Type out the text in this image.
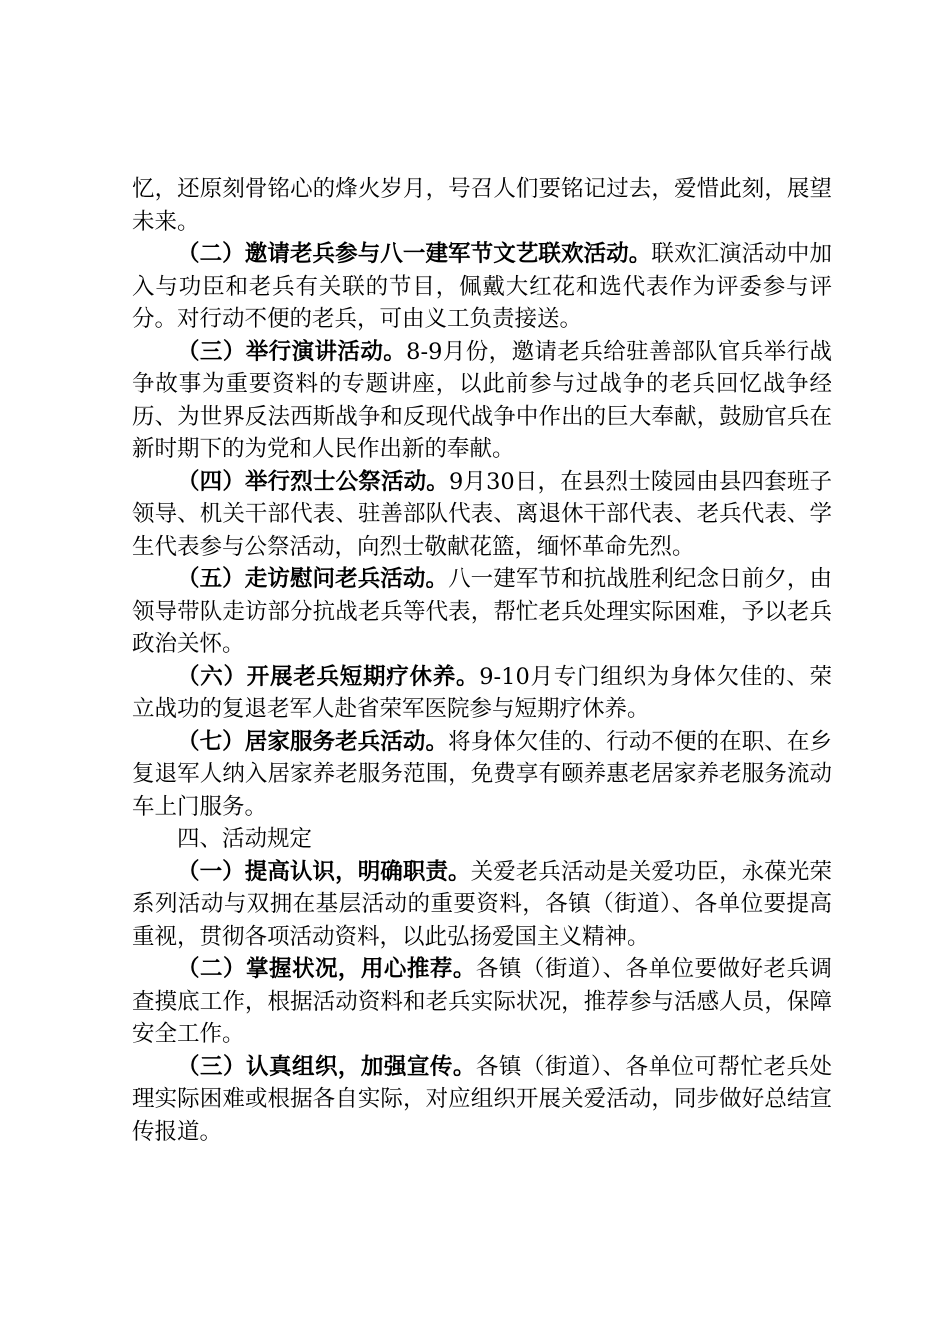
忆，还原刻骨铭心的烽火岁月，号召人们要铭记过去，爱惜此刻，展望未来。

（二）邀请老兵参与八一建军节文艺联欢活动。联欢汇演活动中加入与功臣和老兵有关联的节目，佩戴大红花和选代表作为评委参与评分。对行动不便的老兵，可由义工负责接送。

（三）举行演讲活动。8-9月份，邀请老兵给驻善部队官兵举行战争故事为重要资料的专题讲座，以此前参与过战争的老兵回忆战争经历、为世界反法西斯战争和反现代战争中作出的巨大奉献，鼓励官兵在新时期下的为党和人民作出新的奉献。

（四）举行烈士公祭活动。9月30日，在县烈士陵园由县四套班子领导、机关干部代表、驻善部队代表、离退休干部代表、老兵代表、学生代表参与公祭活动，向烈士敬献花篮，缅怀革命先烈。

（五）走访慰问老兵活动。八一建军节和抗战胜利纪念日前夕，由领导带队走访部分抗战老兵等代表，帮忙老兵处理实际困难，予以老兵政治关怀。

（六）开展老兵短期疗休养。9-10月专门组织为身体欠佳的、荣立战功的复退老军人赴省荣军医院参与短期疗休养。

（七）居家服务老兵活动。将身体欠佳的、行动不便的在职、在乡复退军人纳入居家养老服务范围，免费享有颐养惠老居家养老服务流动车上门服务。

四、活动规定

（一）提高认识，明确职责。关爱老兵活动是关爱功臣，永葆光荣系列活动与双拥在基层活动的重要资料，各镇（街道）、各单位要提高重视，贯彻各项活动资料，以此弘扬爱国主义精神。

（二）掌握状况，用心推荐。各镇（街道）、各单位要做好老兵调查摸底工作，根据活动资料和老兵实际状况，推荐参与活感人员，保障安全工作。

（三）认真组织，加强宣传。各镇（街道）、各单位可帮忙老兵处理实际困难或根据各自实际，对应组织开展关爱活动，同步做好总结宣传报道。
